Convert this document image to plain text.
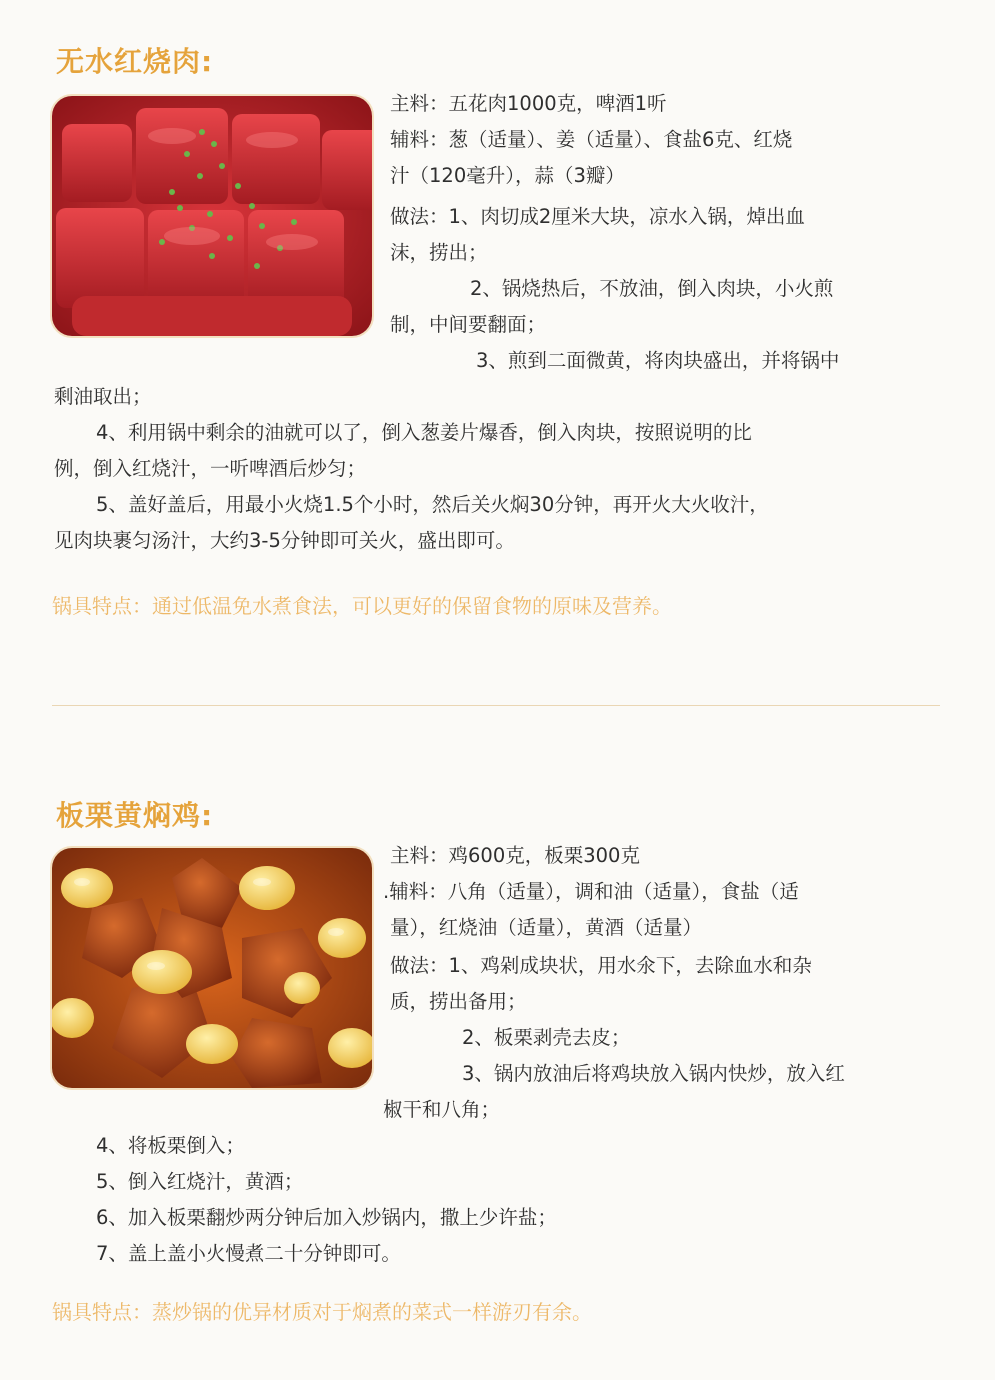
无水红烧肉:
主料：五花肉1000克，啤酒1听
辅料：葱（适量）、姜（适量）、食盐6克、红烧
汁（120毫升），蒜（3瓣）
做法：1、肉切成2厘米大块，凉水入锅，焯出血
沫，捞出；
2、锅烧热后，不放油，倒入肉块，小火煎
制，中间要翻面；
3、煎到二面微黄，将肉块盛出，并将锅中
剩油取出；
4、利用锅中剩余的油就可以了，倒入葱姜片爆香，倒入肉块，按照说明的比
例，倒入红烧汁，一听啤酒后炒匀；
5、盖好盖后，用最小火烧1.5个小时，然后关火焖30分钟，再开火大火收汁，
见肉块裹匀汤汁，大约3-5分钟即可关火，盛出即可。
锅具特点：通过低温免水煮食法，可以更好的保留食物的原味及营养。
板栗黄焖鸡:
主料：鸡600克，板栗300克
.辅料：八角（适量），调和油（适量），食盐（适
量），红烧油（适量），黄酒（适量）
做法：1、鸡剁成块状，用水氽下，去除血水和杂
质，捞出备用；
2、板栗剥壳去皮；
3、锅内放油后将鸡块放入锅内快炒，放入红
椒干和八角；
4、将板栗倒入；
5、倒入红烧汁，黄酒；
6、加入板栗翻炒两分钟后加入炒锅内，撒上少许盐；
7、盖上盖小火慢煮二十分钟即可。
锅具特点：蒸炒锅的优异材质对于焖煮的菜式一样游刃有余。
